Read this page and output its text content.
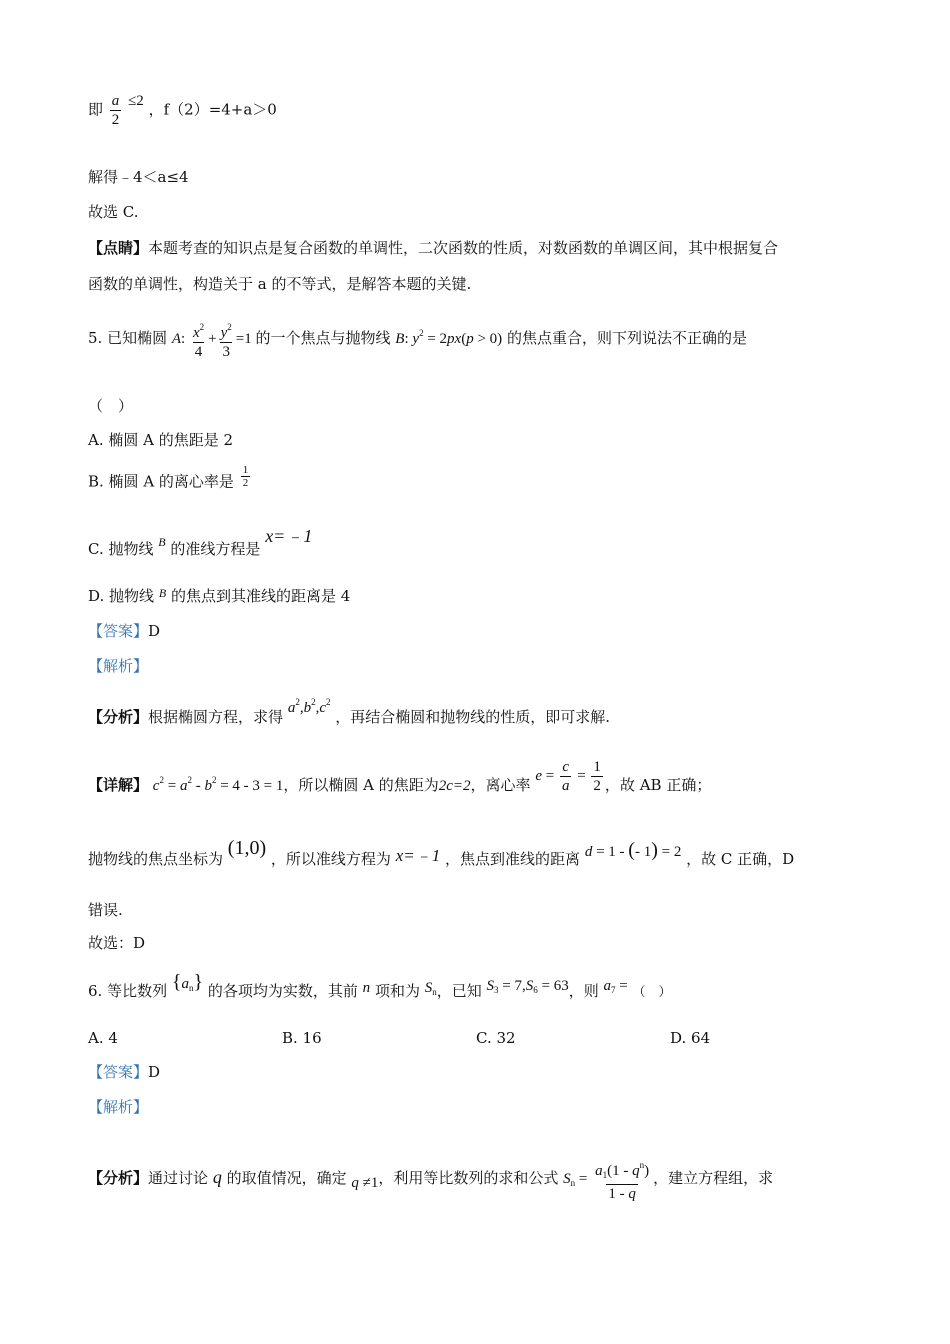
即 $\frac{a}{2} \le 2$ ，f（2）=4+a＞0
解得﹣4＜a≤4
故选 C.
【点睛】本题考查的知识点是复合函数的单调性，二次函数的性质，对数函数的单调区间，其中根据复合
函数的单调性，构造关于 a 的不等式，是解答本题的关键.
5. 已知椭圆 A: $\frac{x^2}{4} + \frac{y^2}{3} =1$ 的一个焦点与抛物线 B: $y^2 = 2px(p > 0)$ 的焦点重合，则下列说法不正确的是
（　）
A. 椭圆 A 的焦距是 2
B. 椭圆 A 的离心率是 $\frac{1}{2}$
C. 抛物线 $^B$ 的准线方程是 x=﹣1
D. 抛物线 $^B$ 的焦点到其准线的距离是 4
【答案】D
【解析】
【分析】根据椭圆方程，求得 $a^2,b^2,c^2$ ，再结合椭圆和抛物线的性质，即可求解.
【详解】 $c^2 = a^2 - b^2 = 4 - 3 = 1$，所以椭圆 A 的焦距为2c=2，离心率 $e = \frac{c}{a} = \frac{1}{2}$ ，故 AB 正确；
抛物线的焦点坐标为 (1,0) ，所以准线方程为 x=﹣1 ，焦点到准线的距离 d = 1 - (- 1) = 2 ，故 C 正确，D
错误.
故选：D
6. 等比数列 $\{a_n\}$ 的各项均为实数，其前 n 项和为 $S_n$，已知 $S_3 = 7,S_6 = 63$，则 $a_7$ = （　）
A. 4	B. 16	C. 32	D. 64
【答案】D
【解析】
【分析】通过讨论 q 的取值情况，确定 q ≠1，利用等比数列的求和公式 $S_n = \frac{a_1(1 - q^n)}{1 - q}$ ，建立方程组，求
